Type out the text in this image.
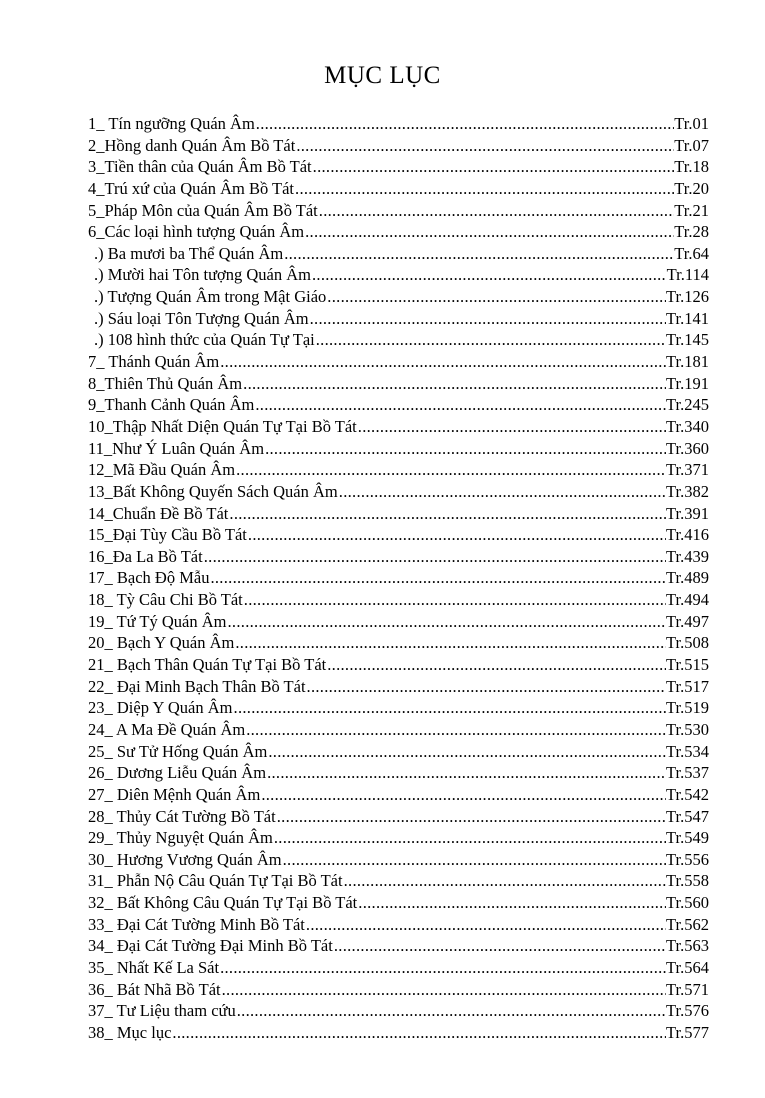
MỤC LỤC
1_ Tín ngưỡng Quán Âm .....	Tr.01
2_Hồng danh Quán Âm Bồ Tát .....	Tr.07
3_Tiền thân của Quán Âm Bồ Tát .....	Tr.18
4_Trú xứ của Quán Âm Bồ Tát .....	Tr.20
5_Pháp Môn của Quán Âm Bồ Tát .....	Tr.21
6_Các loại hình tượng Quán Âm .....	Tr.28
.) Ba mươi ba Thể Quán Âm .....	Tr.64
.) Mười hai Tôn tượng Quán Âm .....	Tr.114
.) Tượng Quán Âm trong Mật Giáo .....	Tr.126
.) Sáu loại Tôn Tượng Quán Âm .....	Tr.141
.) 108 hình thức của Quán Tự Tại .....	Tr.145
7_ Thánh Quán Âm .....	Tr.181
8_Thiên Thủ Quán Âm .....	Tr.191
9_Thanh Cảnh Quán Âm .....	Tr.245
10_Thập Nhất Diện Quán Tự Tại Bồ Tát .....	Tr.340
11_Như Ý Luân Quán Âm .....	Tr.360
12_Mã Đầu Quán Âm .....	Tr.371
13_Bất Không Quyến Sách Quán Âm .....	Tr.382
14_Chuẩn Đề Bồ Tát .....	Tr.391
15_Đại Tùy Cầu Bồ Tát .....	Tr.416
16_Đa La Bồ Tát .....	Tr.439
17_ Bạch Độ Mẫu .....	Tr.489
18_ Tỳ Câu Chi Bồ Tát .....	Tr.494
19_ Tứ Tý Quán Âm .....	Tr.497
20_ Bạch Y Quán Âm .....	Tr.508
21_ Bạch Thân Quán Tự Tại Bồ Tát .....	Tr.515
22_ Đại Minh Bạch Thân Bồ Tát .....	Tr.517
23_ Diệp Y Quán Âm .....	Tr.519
24_ A Ma Đề Quán Âm .....	Tr.530
25_ Sư Tử Hống Quán Âm .....	Tr.534
26_ Dương Liễu Quán Âm .....	Tr.537
27_ Diên Mệnh Quán Âm .....	Tr.542
28_ Thủy Cát Tường Bồ Tát .....	Tr.547
29_ Thủy Nguyệt Quán Âm .....	Tr.549
30_ Hương Vương Quán Âm .....	Tr.556
31_ Phẫn Nộ Câu Quán Tự Tại Bồ Tát .....	Tr.558
32_ Bất Không Câu Quán Tự Tại Bồ Tát .....	Tr.560
33_ Đại Cát Tường Minh Bồ Tát .....	Tr.562
34_ Đại Cát Tường Đại Minh Bồ Tát .....	Tr.563
35_ Nhất Kế La Sát .....	Tr.564
36_ Bát Nhã Bồ Tát .....	Tr.571
37_ Tư Liệu tham cứu .....	Tr.576
38_ Mục lục .....	Tr.577
